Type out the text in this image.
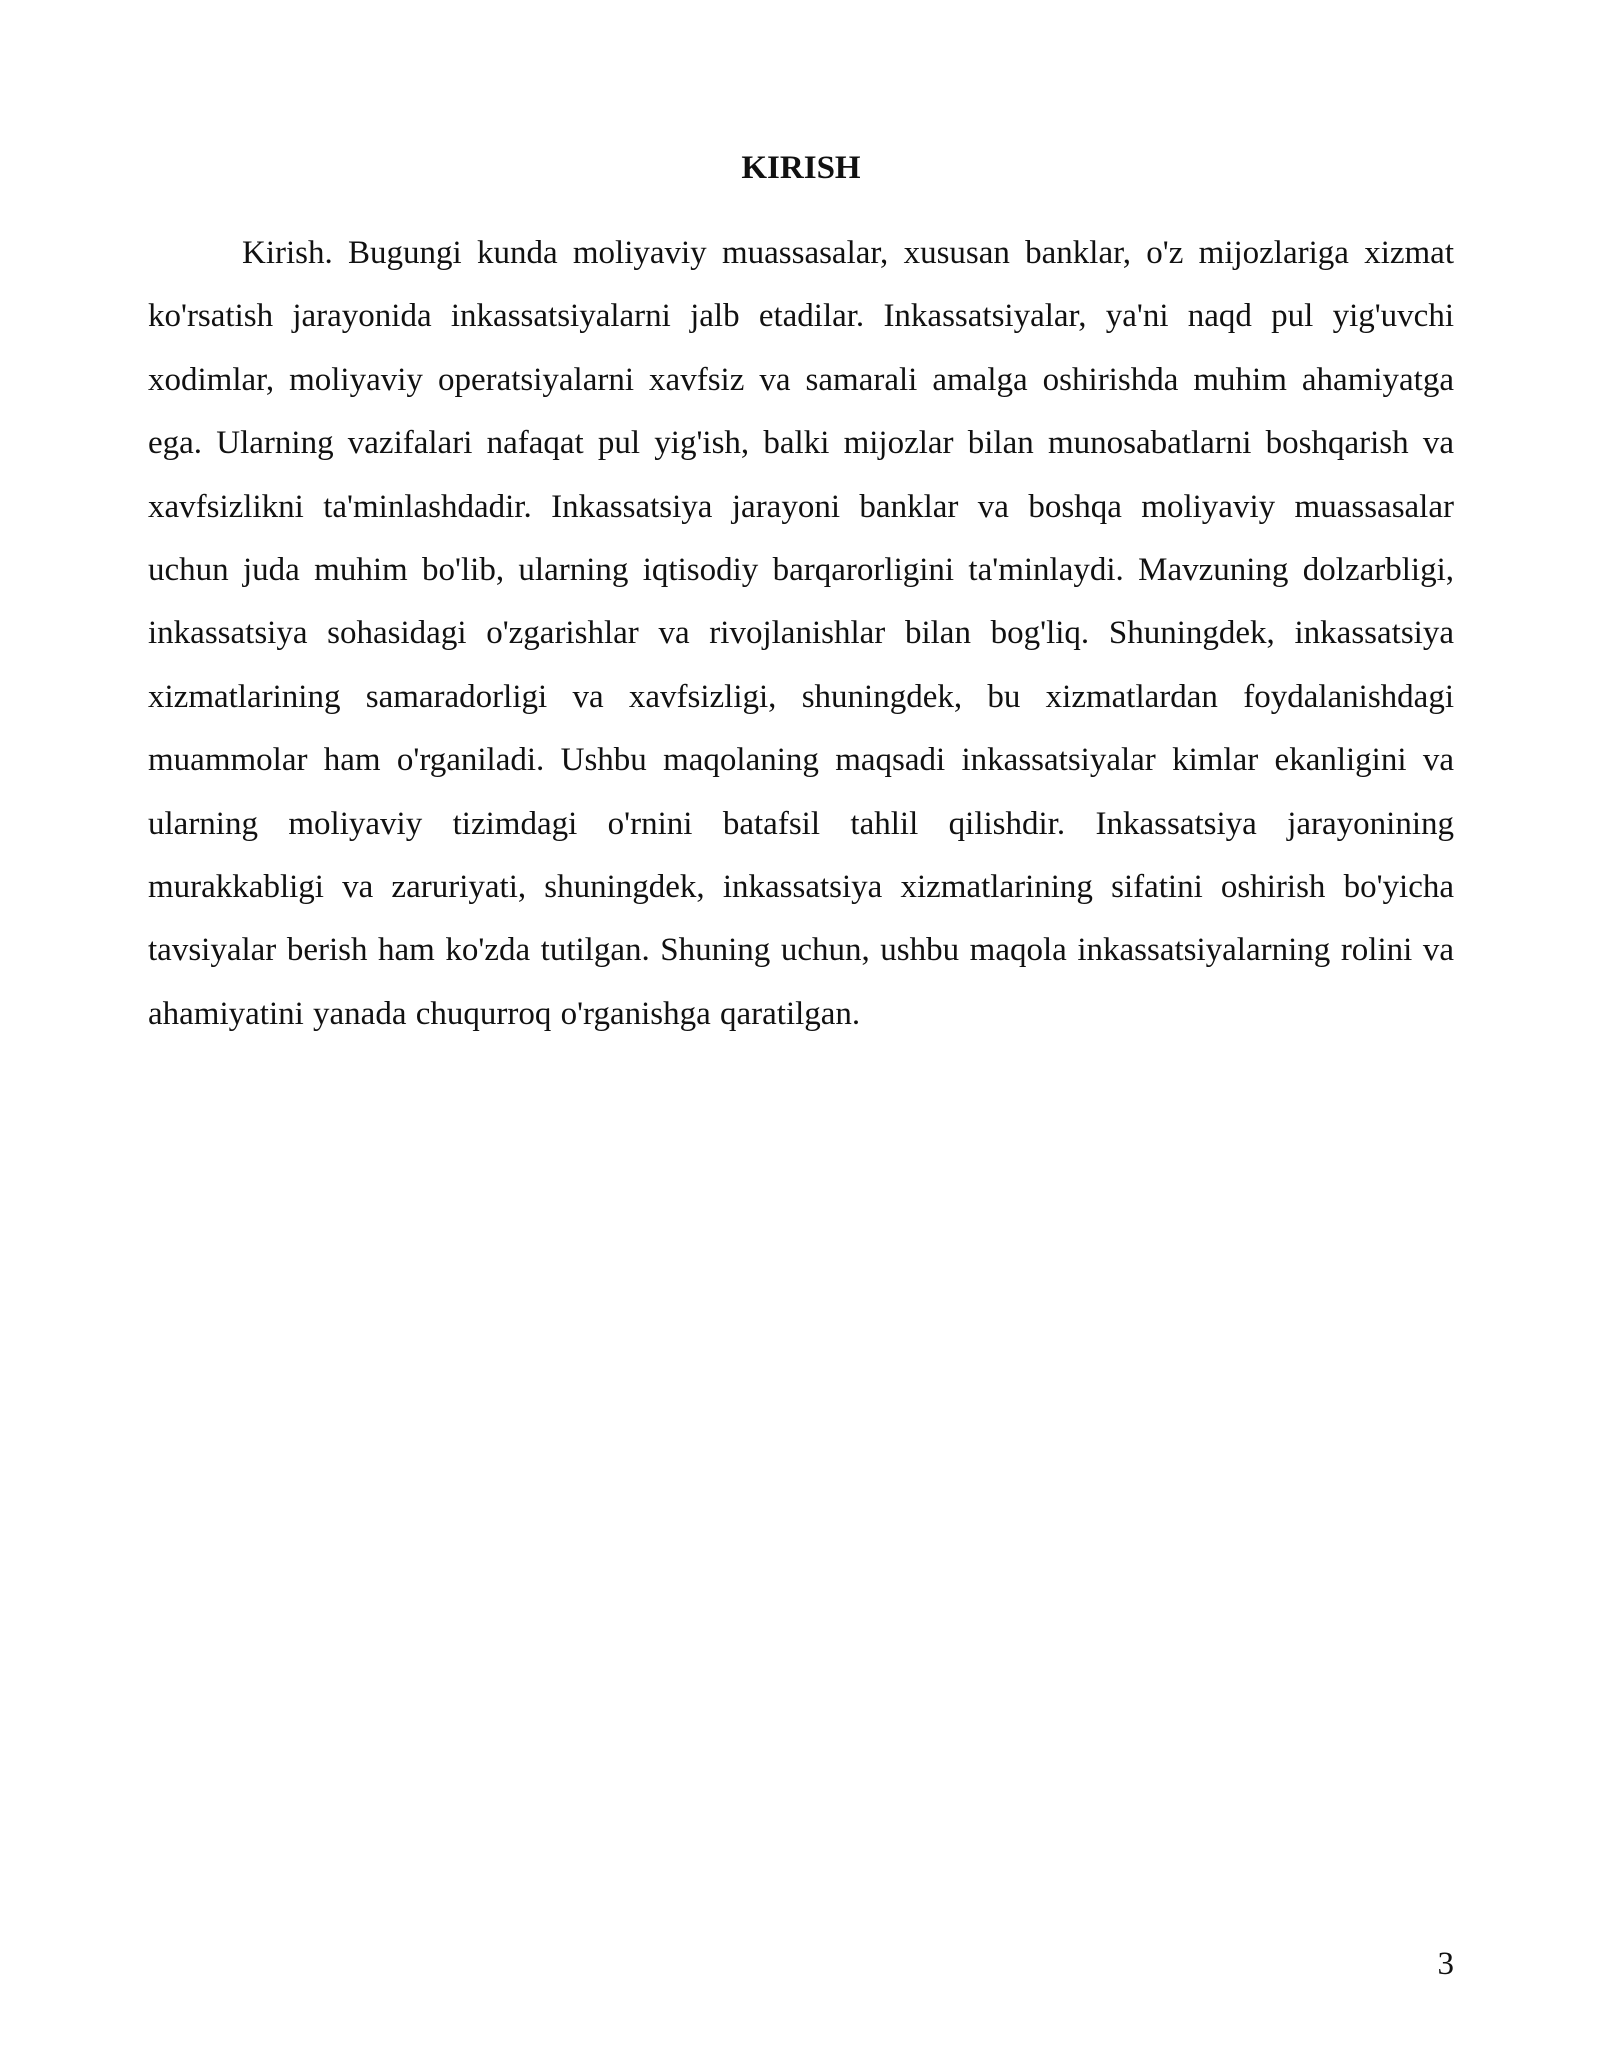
KIRISH

Kirish. Bugungi kunda moliyaviy muassasalar, xususan banklar, o'z mijozlariga xizmat ko'rsatish jarayonida inkassatsiyalarni jalb etadilar. Inkassatsiyalar, ya'ni naqd pul yig'uvchi xodimlar, moliyaviy operatsiyalarni xavfsiz va samarali amalga oshirishda muhim ahamiyatga ega. Ularning vazifalari nafaqat pul yig'ish, balki mijozlar bilan munosabatlarni boshqarish va xavfsizlikni ta'minlashdadir. Inkassatsiya jarayoni banklar va boshqa moliyaviy muassasalar uchun juda muhim bo'lib, ularning iqtisodiy barqarorligini ta'minlaydi. Mavzuning dolzarbligi, inkassatsiya sohasidagi o'zgarishlar va rivojlanishlar bilan bog'liq. Shuningdek, inkassatsiya xizmatlarining samaradorligi va xavfsizligi, shuningdek, bu xizmatlardan foydalanishdagi muammolar ham o'rganiladi. Ushbu maqolaning maqsadi inkassatsiyalar kimlar ekanligini va ularning moliyaviy tizimdagi o'rnini batafsil tahlil qilishdir. Inkassatsiya jarayonining murakkabligi va zaruriyati, shuningdek, inkassatsiya xizmatlarining sifatini oshirish bo'yicha tavsiyalar berish ham ko'zda tutilgan. Shuning uchun, ushbu maqola inkassatsiyalarning rolini va ahamiyatini yanada chuqurroq o'rganishga qaratilgan.

3
